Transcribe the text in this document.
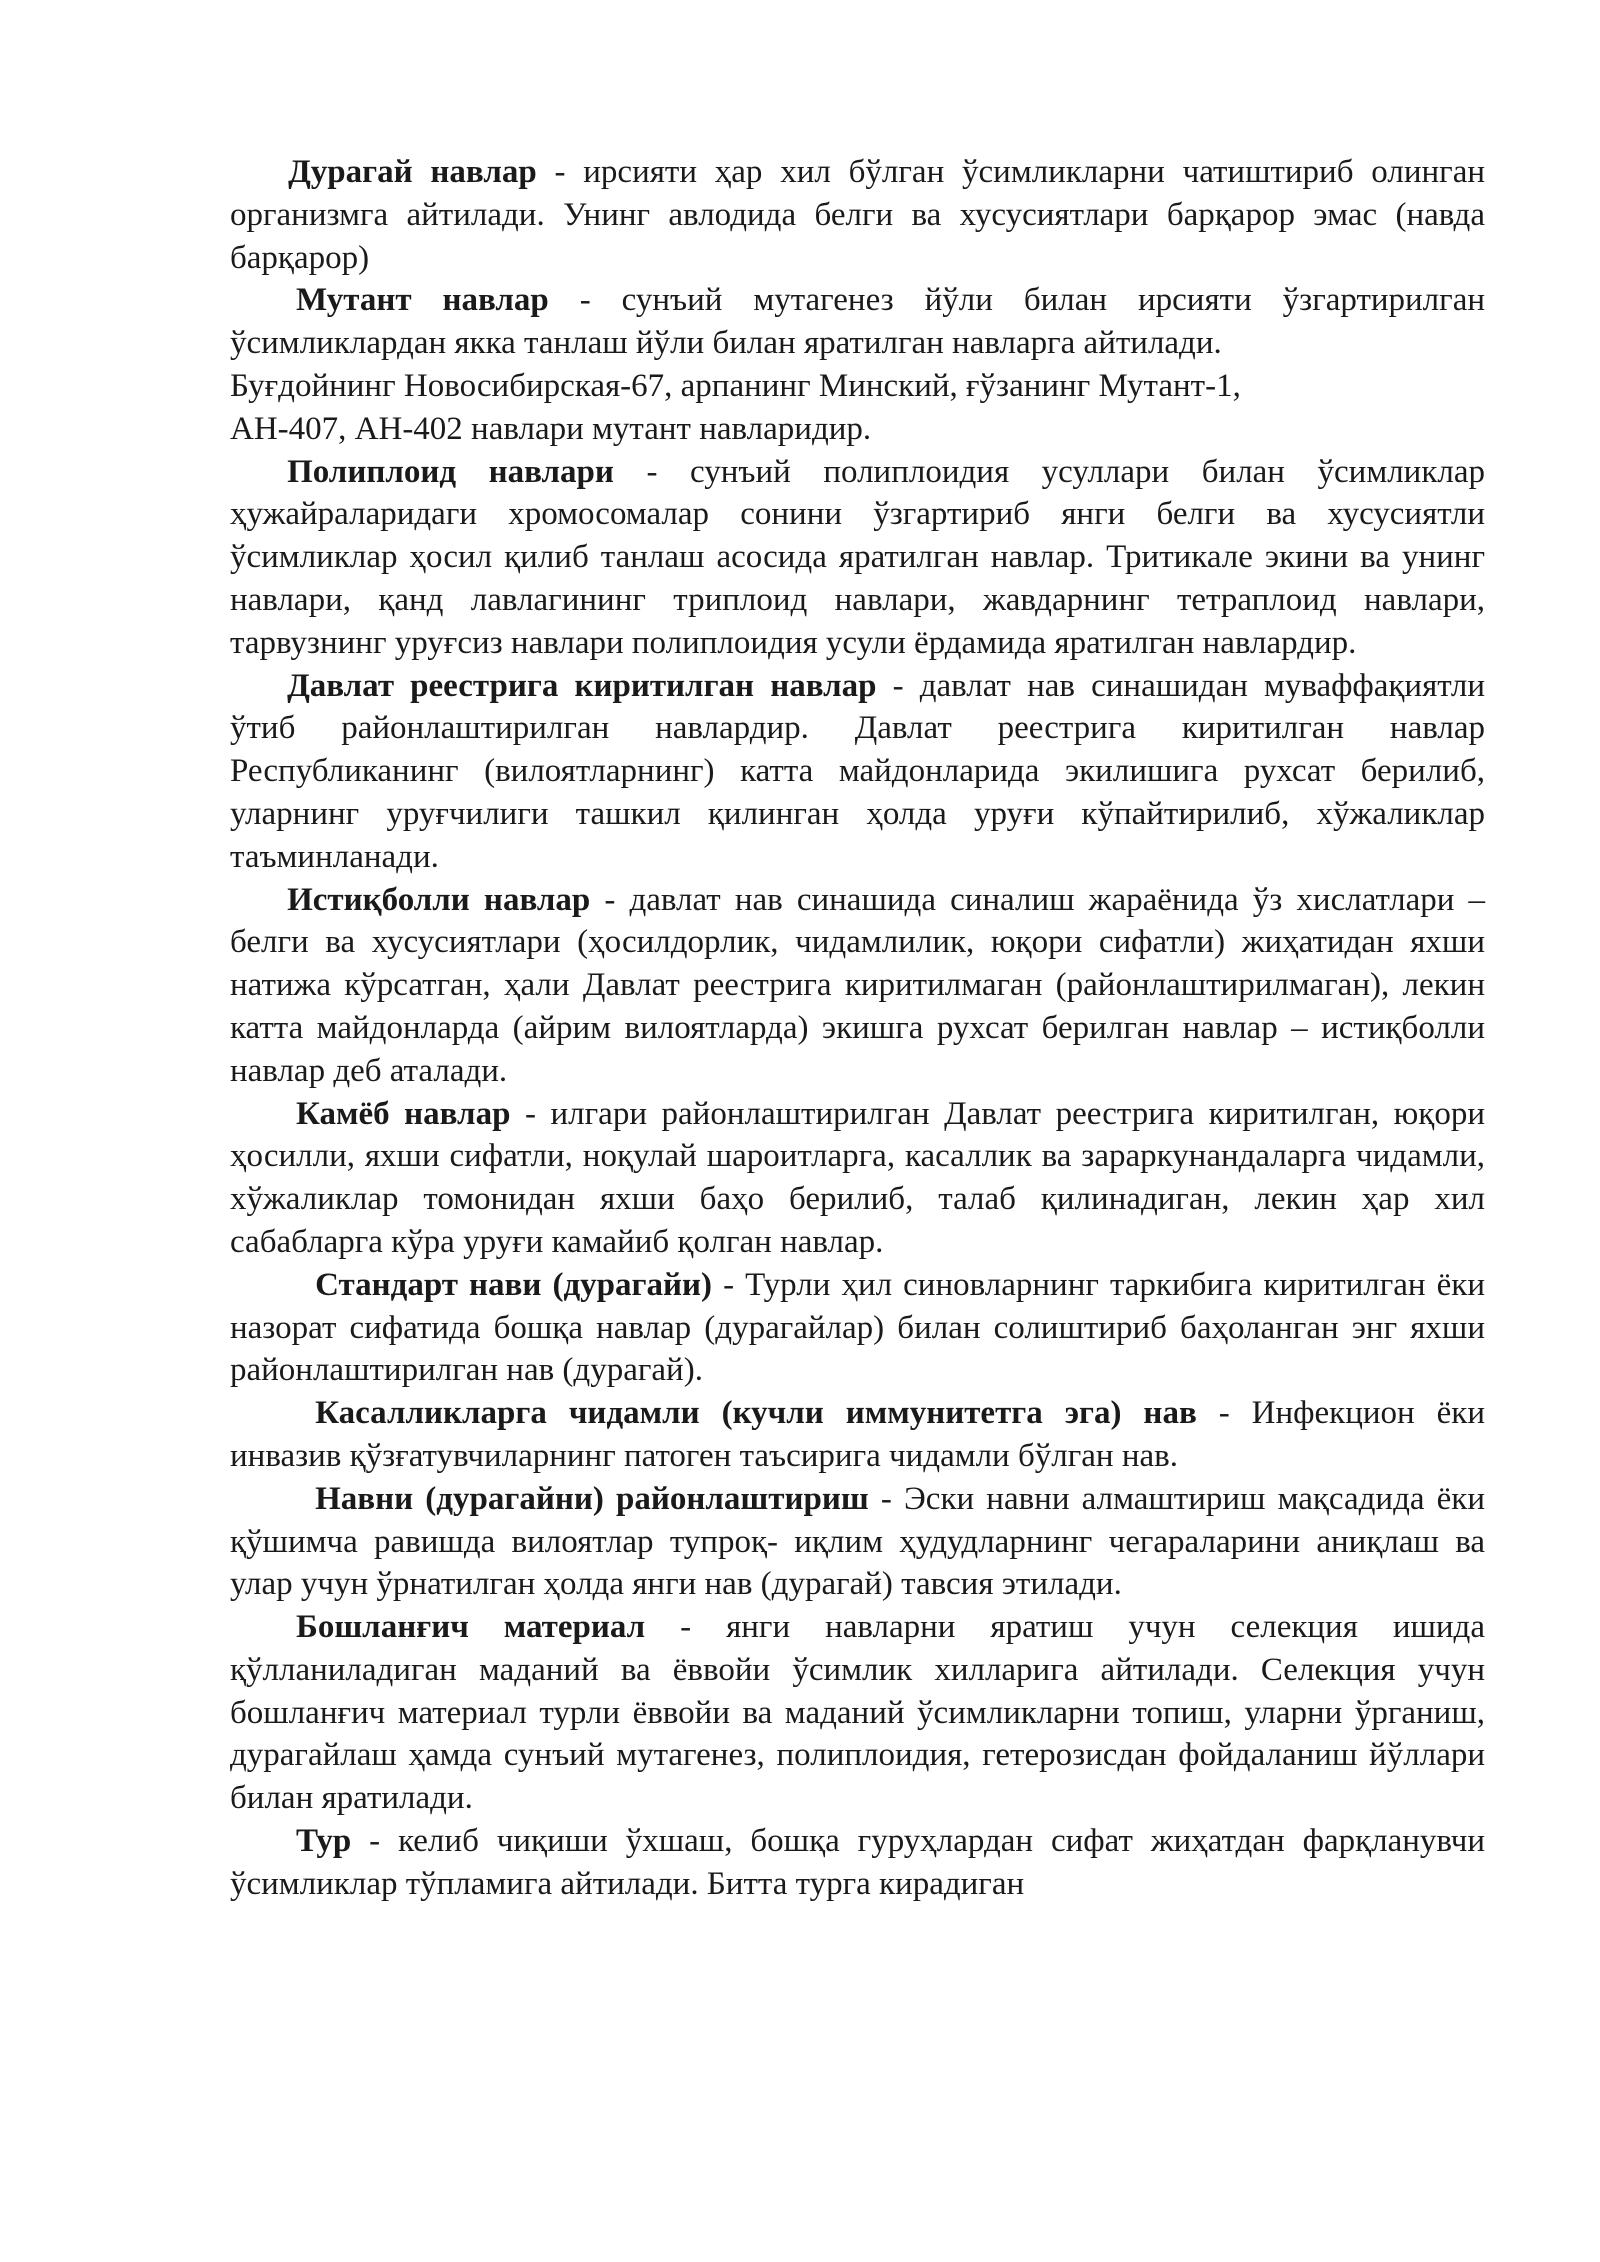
Дурагай навлар - ирсияти ҳар хил бўлган ўсимликларни чатиштириб олинган организмга айтилади. Унинг авлодида белги ва хусусиятлари барқарор эмас (навда барқарор)

Мутант навлар - сунъий мутагенез йўли билан ирсияти ўзгартирилган ўсимликлардан якка танлаш йўли билан яратилган навларга айтилади.
Буғдойнинг Новосибирская-67, арпанинг Минский, ғўзанинг Мутант-1,
АН-407, АН-402 навлари мутант навларидир.

Полиплоид навлари - сунъий полиплоидия усуллари билан ўсимликлар ҳужайраларидаги хромосомалар сонини ўзгартириб янги белги ва хусусиятли ўсимликлар ҳосил қилиб танлаш асосида яратилган навлар. Тритикале экини ва унинг навлари, қанд лавлагининг триплоид навлари, жавдарнинг тетраплоид навлари, тарвузнинг уруғсиз навлари полиплоидия усули ёрдамида яратилган навлардир.

Давлат реестрига киритилган навлар - давлат нав синашидан муваффақиятли ўтиб районлаштирилган навлардир. Давлат реестрига киритилган навлар Республиканинг (вилоятларнинг) катта майдонларида экилишига рухсат берилиб, уларнинг уруғчилиги ташкил қилинган ҳолда уруғи кўпайтирилиб, хўжаликлар таъминланади.

Истиқболли навлар - давлат нав синашида синалиш жараёнида ўз хислатлари – белги ва хусусиятлари (ҳосилдорлик, чидамлилик, юқори сифатли) жиҳатидан яхши натижа кўрсатган, ҳали Давлат реестрига киритилмаган (районлаштирилмаган), лекин катта майдонларда (айрим вилоятларда) экишга рухсат берилган навлар – истиқболли навлар деб аталади.

Камёб навлар - илгари районлаштирилган Давлат реестрига киритилган, юқори ҳосилли, яхши сифатли, ноқулай шароитларга, касаллик ва зараркунандаларга чидамли, хўжаликлар томонидан яхши баҳо берилиб, талаб қилинадиган, лекин ҳар хил сабабларга кўра уруғи камайиб қолган навлар.

Стандарт нави (дурагайи) - Турли ҳил синовларнинг таркибига киритилган ёки назорат сифатида бошқа навлар (дурагайлар) билан солиштириб баҳоланган энг яхши районлаштирилган нав (дурагай).

Касалликларга чидамли (кучли иммунитетга эга) нав - Инфекцион ёки инвазив қўзғатувчиларнинг патоген таъсирига чидамли бўлган нав.

Навни (дурагайни) районлаштириш - Эски навни алмаштириш мақсадида ёки қўшимча равишда вилоятлар тупроқ- иқлим ҳудудларнинг чегараларини аниқлаш ва улар учун ўрнатилган ҳолда янги нав (дурагай) тавсия этилади.

Бошланғич материал - янги навларни яратиш учун селекция ишида қўлланиладиган маданий ва ёввойи ўсимлик хилларига айтилади. Селекция учун бошланғич материал турли ёввойи ва маданий ўсимликларни топиш, уларни ўрганиш, дурагайлаш ҳамда сунъий мутагенез, полиплоидия, гетерозисдан фойдаланиш йўллари билан яратилади.

Тур - келиб чиқиши ўхшаш, бошқа гуруҳлардан сифат жиҳатдан фарқланувчи ўсимликлар тўпламига айтилади. Битта турга кирадиган
